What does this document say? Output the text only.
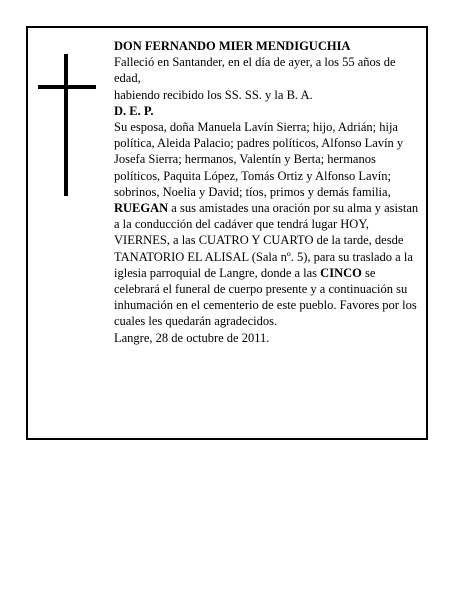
DON FERNANDO MIER MENDIGUCHIA

Falleció en Santander, en el día de ayer, a los 55 años de edad,

habiendo recibido los SS. SS. y la B. A.

D. E. P.

Su esposa, doña Manuela Lavín Sierra; hijo, Adrián; hija política, Aleida Palacio; padres políticos, Alfonso Lavín y Josefa Sierra; hermanos, Valentín y Berta; hermanos políticos, Paquita López, Tomás Ortiz y Alfonso Lavín; sobrinos, Noelia y David; tíos, primos y demás familia,

RUEGAN a sus amistades una oración por su alma y asistan a la conducción del cadáver que tendrá lugar HOY, VIERNES, a las CUATRO Y CUARTO de la tarde, desde TANATORIO EL ALISAL (Sala nº. 5), para su traslado a la iglesia parroquial de Langre, donde a las CINCO se celebrará el funeral de cuerpo presente y a continuación su inhumación en el cementerio de este pueblo. Favores por los cuales les quedarán agradecidos.

Langre, 28 de octubre de 2011.
